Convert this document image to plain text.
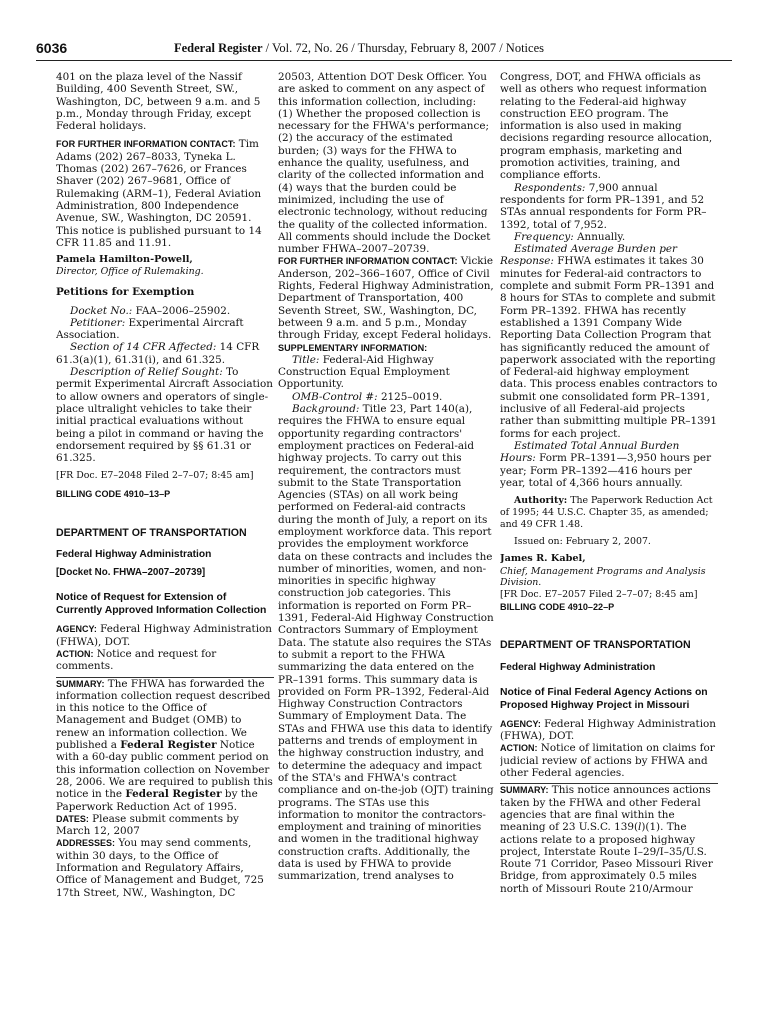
6036	Federal Register / Vol. 72, No. 26 / Thursday, February 8, 2007 / Notices

401 on the plaza level of the Nassif Building, 400 Seventh Street, SW., Washington, DC, between 9 a.m. and 5 p.m., Monday through Friday, except Federal holidays.

FOR FURTHER INFORMATION CONTACT: Tim Adams (202) 267–8033, Tyneka L. Thomas (202) 267–7626, or Frances Shaver (202) 267–9681, Office of Rulemaking (ARM–1), Federal Aviation Administration, 800 Independence Avenue, SW., Washington, DC 20591. This notice is published pursuant to 14 CFR 11.85 and 11.91.

Pamela Hamilton-Powell,

Director, Office of Rulemaking.

Petitions for Exemption

Docket No.: FAA–2006–25902.

Petitioner: Experimental Aircraft Association.

Section of 14 CFR Affected: 14 CFR 61.3(a)(1), 61.31(i), and 61.325.

Description of Relief Sought: To permit Experimental Aircraft Association to allow owners and operators of single-place ultralight vehicles to take their initial practical evaluations without being a pilot in command or having the endorsement required by §§ 61.31 or 61.325.

[FR Doc. E7–2048 Filed 2–7–07; 8:45 am]

BILLING CODE 4910–13–P

DEPARTMENT OF TRANSPORTATION

Federal Highway Administration

[Docket No. FHWA–2007–20739]

Notice of Request for Extension of Currently Approved Information Collection

AGENCY: Federal Highway Administration (FHWA), DOT.

ACTION: Notice and request for comments.

SUMMARY: The FHWA has forwarded the information collection request described in this notice to the Office of Management and Budget (OMB) to renew an information collection. We published a Federal Register Notice with a 60-day public comment period on this information collection on November 28, 2006. We are required to publish this notice in the Federal Register by the Paperwork Reduction Act of 1995.

DATES: Please submit comments by March 12, 2007

ADDRESSES: You may send comments, within 30 days, to the Office of Information and Regulatory Affairs, Office of Management and Budget, 725 17th Street, NW., Washington, DC

20503, Attention DOT Desk Officer. You are asked to comment on any aspect of this information collection, including: (1) Whether the proposed collection is necessary for the FHWA's performance; (2) the accuracy of the estimated burden; (3) ways for the FHWA to enhance the quality, usefulness, and clarity of the collected information and (4) ways that the burden could be minimized, including the use of electronic technology, without reducing the quality of the collected information. All comments should include the Docket number FHWA–2007–20739.

FOR FURTHER INFORMATION CONTACT: Vickie Anderson, 202–366–1607, Office of Civil Rights, Federal Highway Administration, Department of Transportation, 400 Seventh Street, SW., Washington, DC, between 9 a.m. and 5 p.m., Monday through Friday, except Federal holidays.

SUPPLEMENTARY INFORMATION:

Title: Federal-Aid Highway Construction Equal Employment Opportunity.

OMB-Control #: 2125–0019.

Background: Title 23, Part 140(a), requires the FHWA to ensure equal opportunity regarding contractors' employment practices on Federal-aid highway projects. To carry out this requirement, the contractors must submit to the State Transportation Agencies (STAs) on all work being performed on Federal-aid contracts during the month of July, a report on its employment workforce data. This report provides the employment workforce data on these contracts and includes the number of minorities, women, and non-minorities in specific highway construction job categories. This information is reported on Form PR–1391, Federal-Aid Highway Construction Contractors Summary of Employment Data. The statute also requires the STAs to submit a report to the FHWA summarizing the data entered on the PR–1391 forms. This summary data is provided on Form PR–1392, Federal-Aid Highway Construction Contractors Summary of Employment Data. The STAs and FHWA use this data to identify patterns and trends of employment in the highway construction industry, and to determine the adequacy and impact of the STA's and FHWA's contract compliance and on-the-job (OJT) training programs. The STAs use this information to monitor the contractors-employment and training of minorities and women in the traditional highway construction crafts. Additionally, the data is used by FHWA to provide summarization, trend analyses to

Congress, DOT, and FHWA officials as well as others who request information relating to the Federal-aid highway construction EEO program. The information is also used in making decisions regarding resource allocation, program emphasis, marketing and promotion activities, training, and compliance efforts.

Respondents: 7,900 annual respondents for form PR–1391, and 52 STAs annual respondents for Form PR–1392, total of 7,952.

Frequency: Annually.

Estimated Average Burden per Response: FHWA estimates it takes 30 minutes for Federal-aid contractors to complete and submit Form PR–1391 and 8 hours for STAs to complete and submit Form PR–1392. FHWA has recently established a 1391 Company Wide Reporting Data Collection Program that has significantly reduced the amount of paperwork associated with the reporting of Federal-aid highway employment data. This process enables contractors to submit one consolidated form PR–1391, inclusive of all Federal-aid projects rather than submitting multiple PR–1391 forms for each project.

Estimated Total Annual Burden Hours: Form PR–1391—3,950 hours per year; Form PR–1392—416 hours per year, total of 4,366 hours annually.

Authority: The Paperwork Reduction Act of 1995; 44 U.S.C. Chapter 35, as amended; and 49 CFR 1.48.

Issued on: February 2, 2007.

James R. Kabel,

Chief, Management Programs and Analysis Division.

[FR Doc. E7–2057 Filed 2–7–07; 8:45 am]

BILLING CODE 4910–22–P

DEPARTMENT OF TRANSPORTATION

Federal Highway Administration

Notice of Final Federal Agency Actions on Proposed Highway Project in Missouri

AGENCY: Federal Highway Administration (FHWA), DOT.

ACTION: Notice of limitation on claims for judicial review of actions by FHWA and other Federal agencies.

SUMMARY: This notice announces actions taken by the FHWA and other Federal agencies that are final within the meaning of 23 U.S.C. 139(l)(1). The actions relate to a proposed highway project, Interstate Route I–29/I–35/U.S. Route 71 Corridor, Paseo Missouri River Bridge, from approximately 0.5 miles north of Missouri Route 210/Armour
